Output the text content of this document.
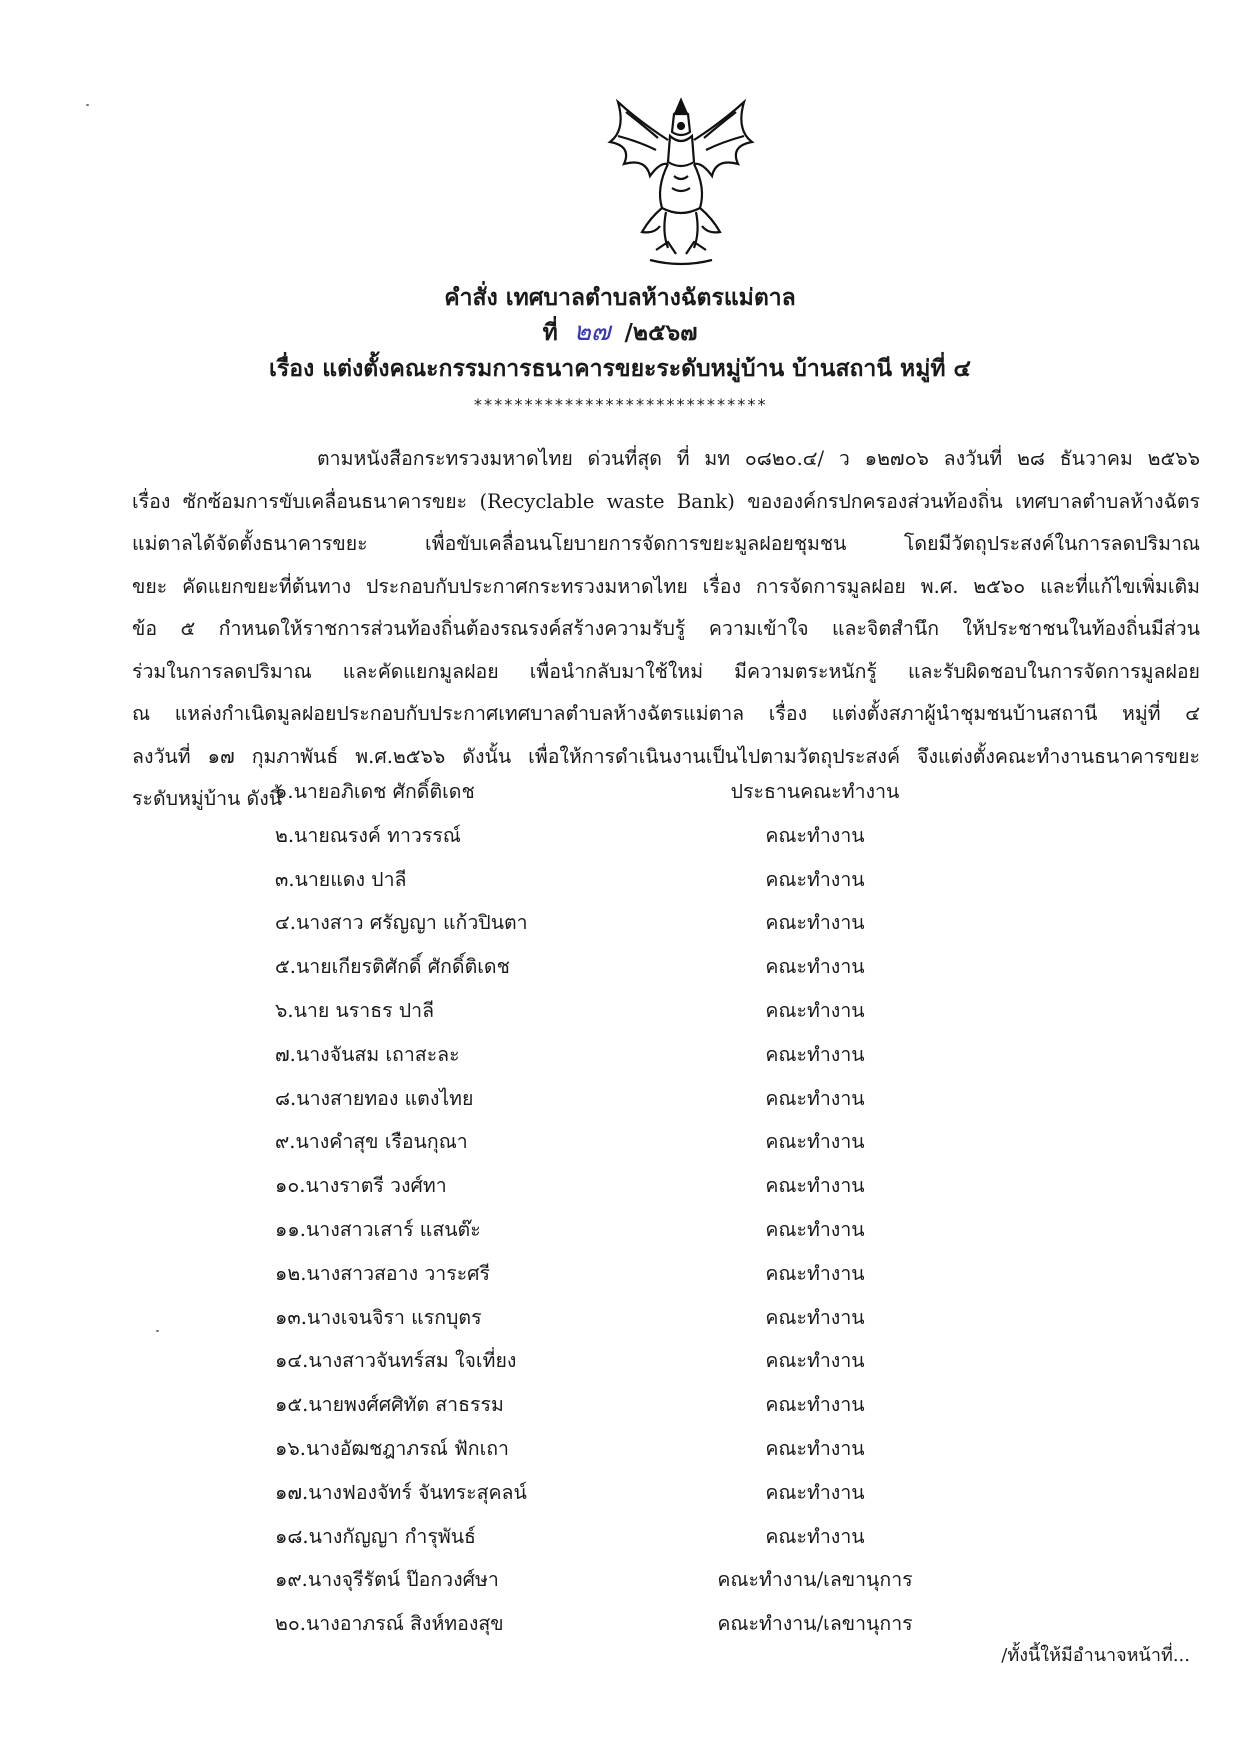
คำสั่ง เทศบาลตำบลห้างฉัตรแม่ตาล
ที่ ๒๗ /๒๕๖๗
เรื่อง แต่งตั้งคณะกรรมการธนาคารขยะระดับหมู่บ้าน บ้านสถานี หมู่ที่ ๔
*****************************
ตามหนังสือกระทรวงมหาดไทย ด่วนที่สุด ที่ มท ๐๘๒๐.๔/ ว ๑๒๗๐๖ ลงวันที่ ๒๘ ธันวาคม ๒๕๖๖
เรื่อง ซักซ้อมการขับเคลื่อนธนาคารขยะ (Recyclable waste Bank) ขององค์กรปกครองส่วนท้องถิ่น เทศบาลตำบลห้างฉัตร
แม่ตาลได้จัดตั้งธนาคารขยะ เพื่อขับเคลื่อนนโยบายการจัดการขยะมูลฝอยชุมชน โดยมีวัตถุประสงค์ในการลดปริมาณ
ขยะ คัดแยกขยะที่ต้นทาง ประกอบกับประกาศกระทรวงมหาดไทย เรื่อง การจัดการมูลฝอย พ.ศ. ๒๕๖๐ และที่แก้ไขเพิ่มเติม
ข้อ ๕ กำหนดให้ราชการส่วนท้องถิ่นต้องรณรงค์สร้างความรับรู้ ความเข้าใจ และจิตสำนึก ให้ประชาชนในท้องถิ่นมีส่วน
ร่วมในการลดปริมาณ และคัดแยกมูลฝอย เพื่อนำกลับมาใช้ใหม่ มีความตระหนักรู้ และรับผิดชอบในการจัดการมูลฝอย
ณ แหล่งกำเนิดมูลฝอยประกอบกับประกาศเทศบาลตำบลห้างฉัตรแม่ตาล เรื่อง แต่งตั้งสภาผู้นำชุมชนบ้านสถานี หมู่ที่ ๔
ลงวันที่ ๑๗ กุมภาพันธ์ พ.ศ.๒๕๖๖ ดังนั้น เพื่อให้การดำเนินงานเป็นไปตามวัตถุประสงค์ จึงแต่งตั้งคณะทำงานธนาคารขยะ
ระดับหมู่บ้าน ดังนี้
๑.นายอภิเดช ศักดิ์ติเดช	ประธานคณะทำงาน
๒.นายณรงค์ ทาวรรณ์	คณะทำงาน
๓.นายแดง ปาลี	คณะทำงาน
๔.นางสาว ศรัญญา แก้วปินตา	คณะทำงาน
๕.นายเกียรติศักดิ์ ศักดิ์ติเดช	คณะทำงาน
๖.นาย นราธร ปาลี	คณะทำงาน
๗.นางจันสม เถาสะละ	คณะทำงาน
๘.นางสายทอง แตงไทย	คณะทำงาน
๙.นางคำสุข เรือนกุณา	คณะทำงาน
๑๐.นางราตรี วงศ์ทา	คณะทำงาน
๑๑.นางสาวเสาร์ แสนต๊ะ	คณะทำงาน
๑๒.นางสาวสอาง วาระศรี	คณะทำงาน
๑๓.นางเจนจิรา แรกบุตร	คณะทำงาน
๑๔.นางสาวจันทร์สม ใจเที่ยง	คณะทำงาน
๑๕.นายพงศ์ศศิทัต สาธรรม	คณะทำงาน
๑๖.นางอัฒชฎาภรณ์ ฟักเถา	คณะทำงาน
๑๗.นางฟองจัทร์ จันทระสุคลน์	คณะทำงาน
๑๘.นางกัญญา กำรุพันธ์	คณะทำงาน
๑๙.นางจุรีรัตน์ ป๊อกวงศ์ษา	คณะทำงาน/เลขานุการ
๒๐.นางอาภรณ์ สิงห์ทองสุข	คณะทำงาน/เลขานุการ
/ทั้งนี้ให้มีอำนาจหน้าที่...
